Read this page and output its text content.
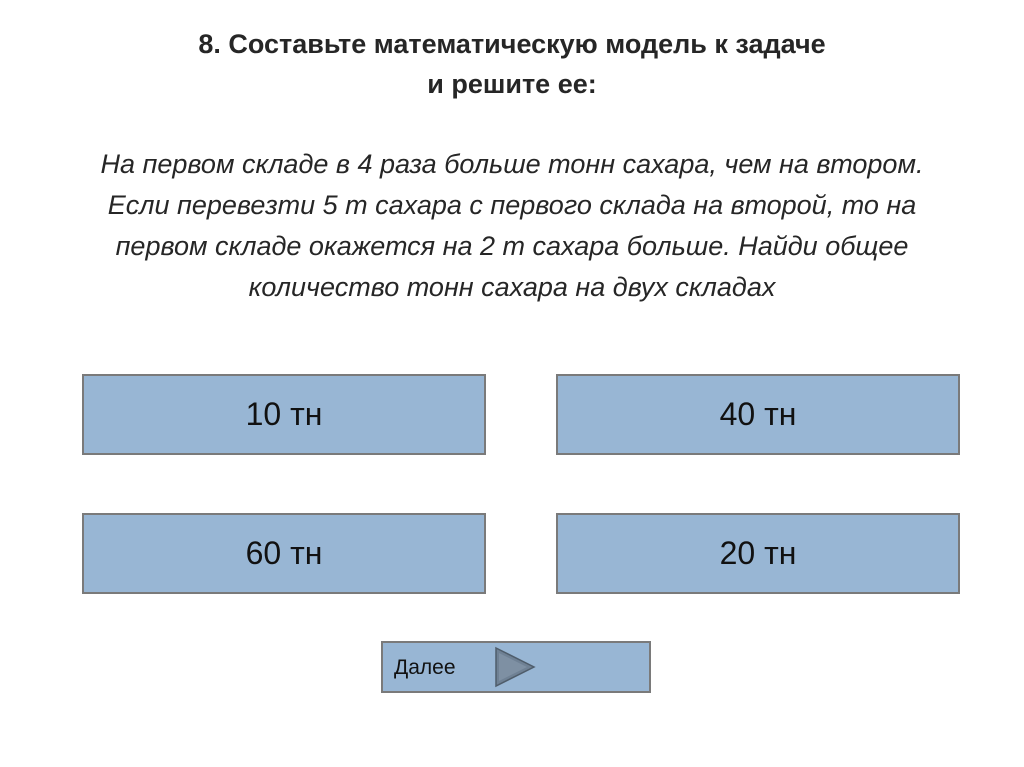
8. Составьте математическую модель к задаче
и решите ее:
На первом складе в 4 раза больше тонн сахара, чем на втором. Если перевезти 5 т сахара с первого склада на второй, то на первом складе окажется на 2 т сахара больше. Найди общее количество тонн сахара на двух складах
10 тн	40 тн
60 тн	20 тн
Далее
